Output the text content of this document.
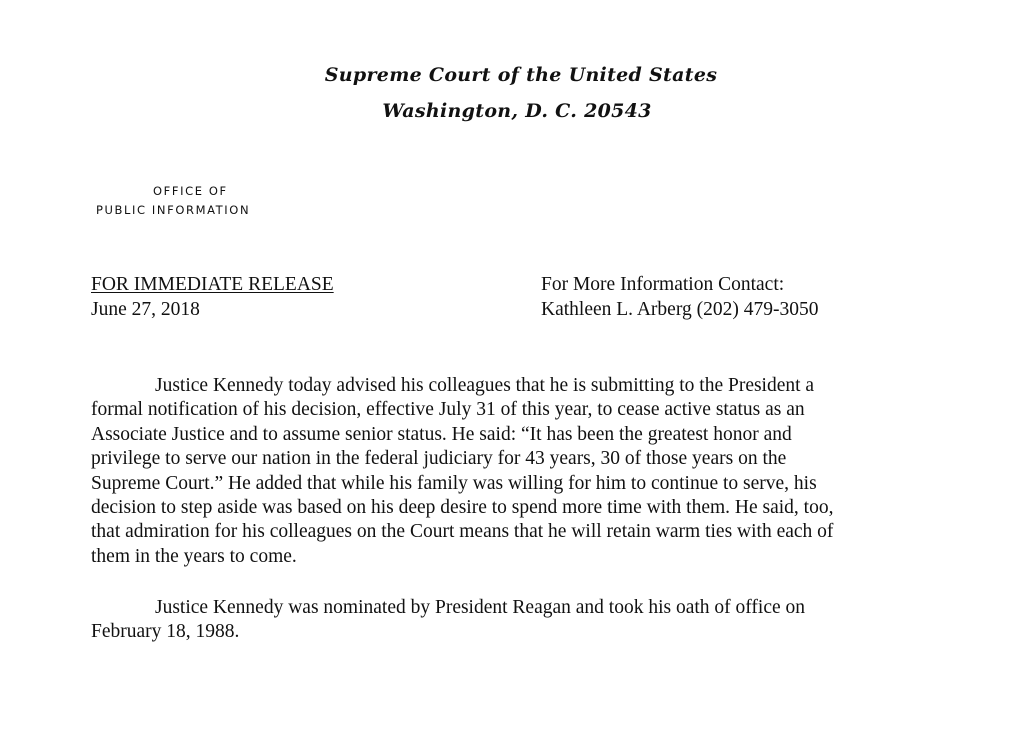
Supreme Court of the United States
Washington, D. C. 20543
OFFICE OF
PUBLIC INFORMATION
FOR IMMEDIATE RELEASE
June 27, 2018
For More Information Contact:
Kathleen L. Arberg (202) 479-3050
Justice Kennedy today advised his colleagues that he is submitting to the President a
formal notification of his decision, effective July 31 of this year, to cease active status as an
Associate Justice and to assume senior status. He said: “It has been the greatest honor and
privilege to serve our nation in the federal judiciary for 43 years, 30 of those years on the
Supreme Court.” He added that while his family was willing for him to continue to serve, his
decision to step aside was based on his deep desire to spend more time with them. He said, too,
that admiration for his colleagues on the Court means that he will retain warm ties with each of
them in the years to come.
Justice Kennedy was nominated by President Reagan and took his oath of office on
February 18, 1988.
